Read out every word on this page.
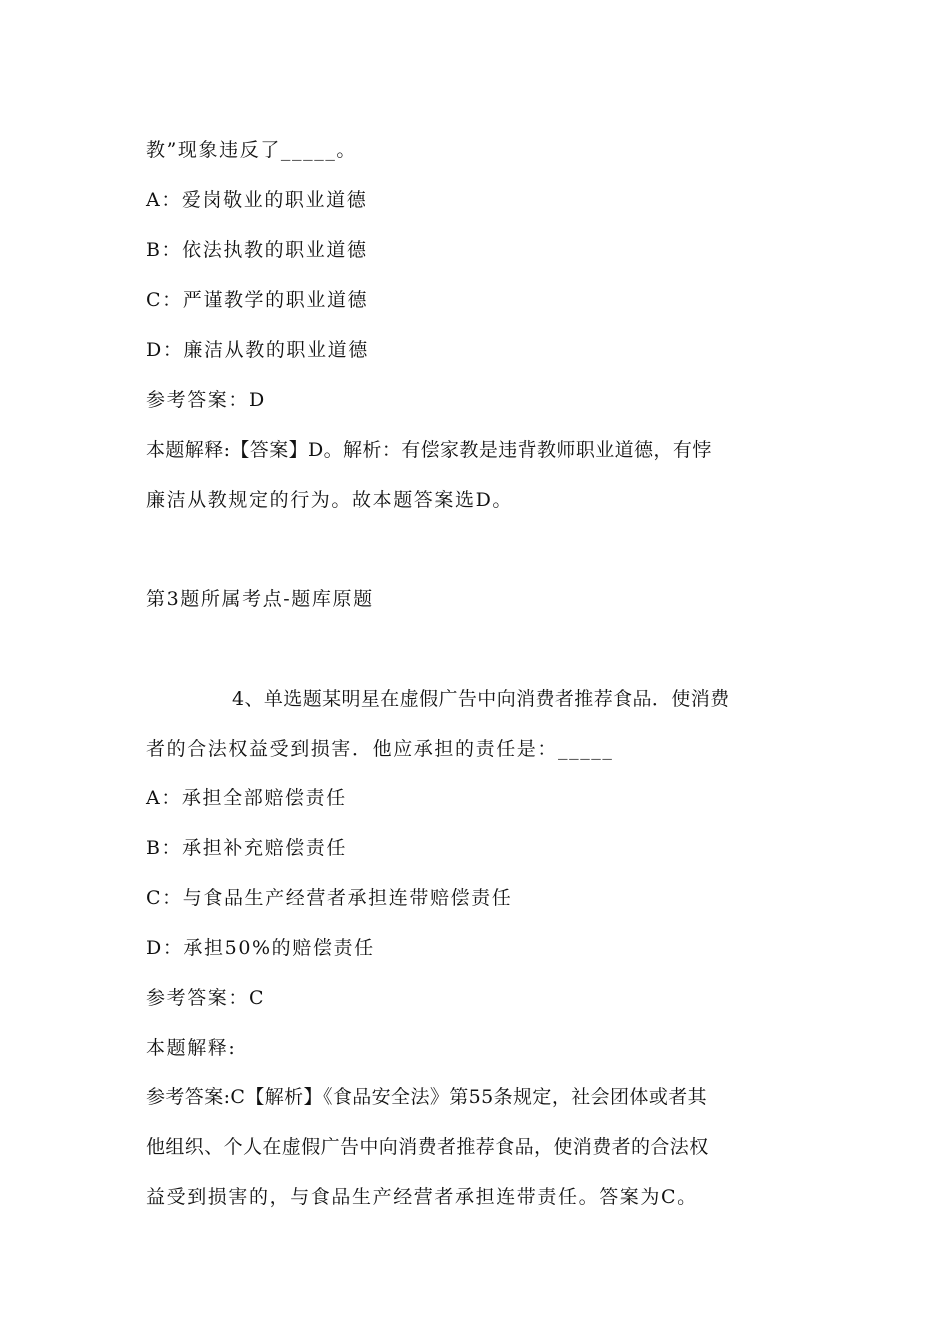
教”现象违反了_____。
A：爱岗敬业的职业道德
B：依法执教的职业道德
C：严谨教学的职业道德
D：廉洁从教的职业道德
参考答案：D
本题解释:【答案】D。解析：有偿家教是违背教师职业道德，有悖
廉洁从教规定的行为。故本题答案选D。
第3题所属考点-题库原题
4、单选题某明星在虚假广告中向消费者推荐食品．使消费
者的合法权益受到损害．他应承担的责任是：_____
A：承担全部赔偿责任
B：承担补充赔偿责任
C：与食品生产经营者承担连带赔偿责任
D：承担50%的赔偿责任
参考答案：C
本题解释:
参考答案:C【解析】《食品安全法》第55条规定，社会团体或者其
他组织、个人在虚假广告中向消费者推荐食品，使消费者的合法权
益受到损害的，与食品生产经营者承担连带责任。答案为C。
